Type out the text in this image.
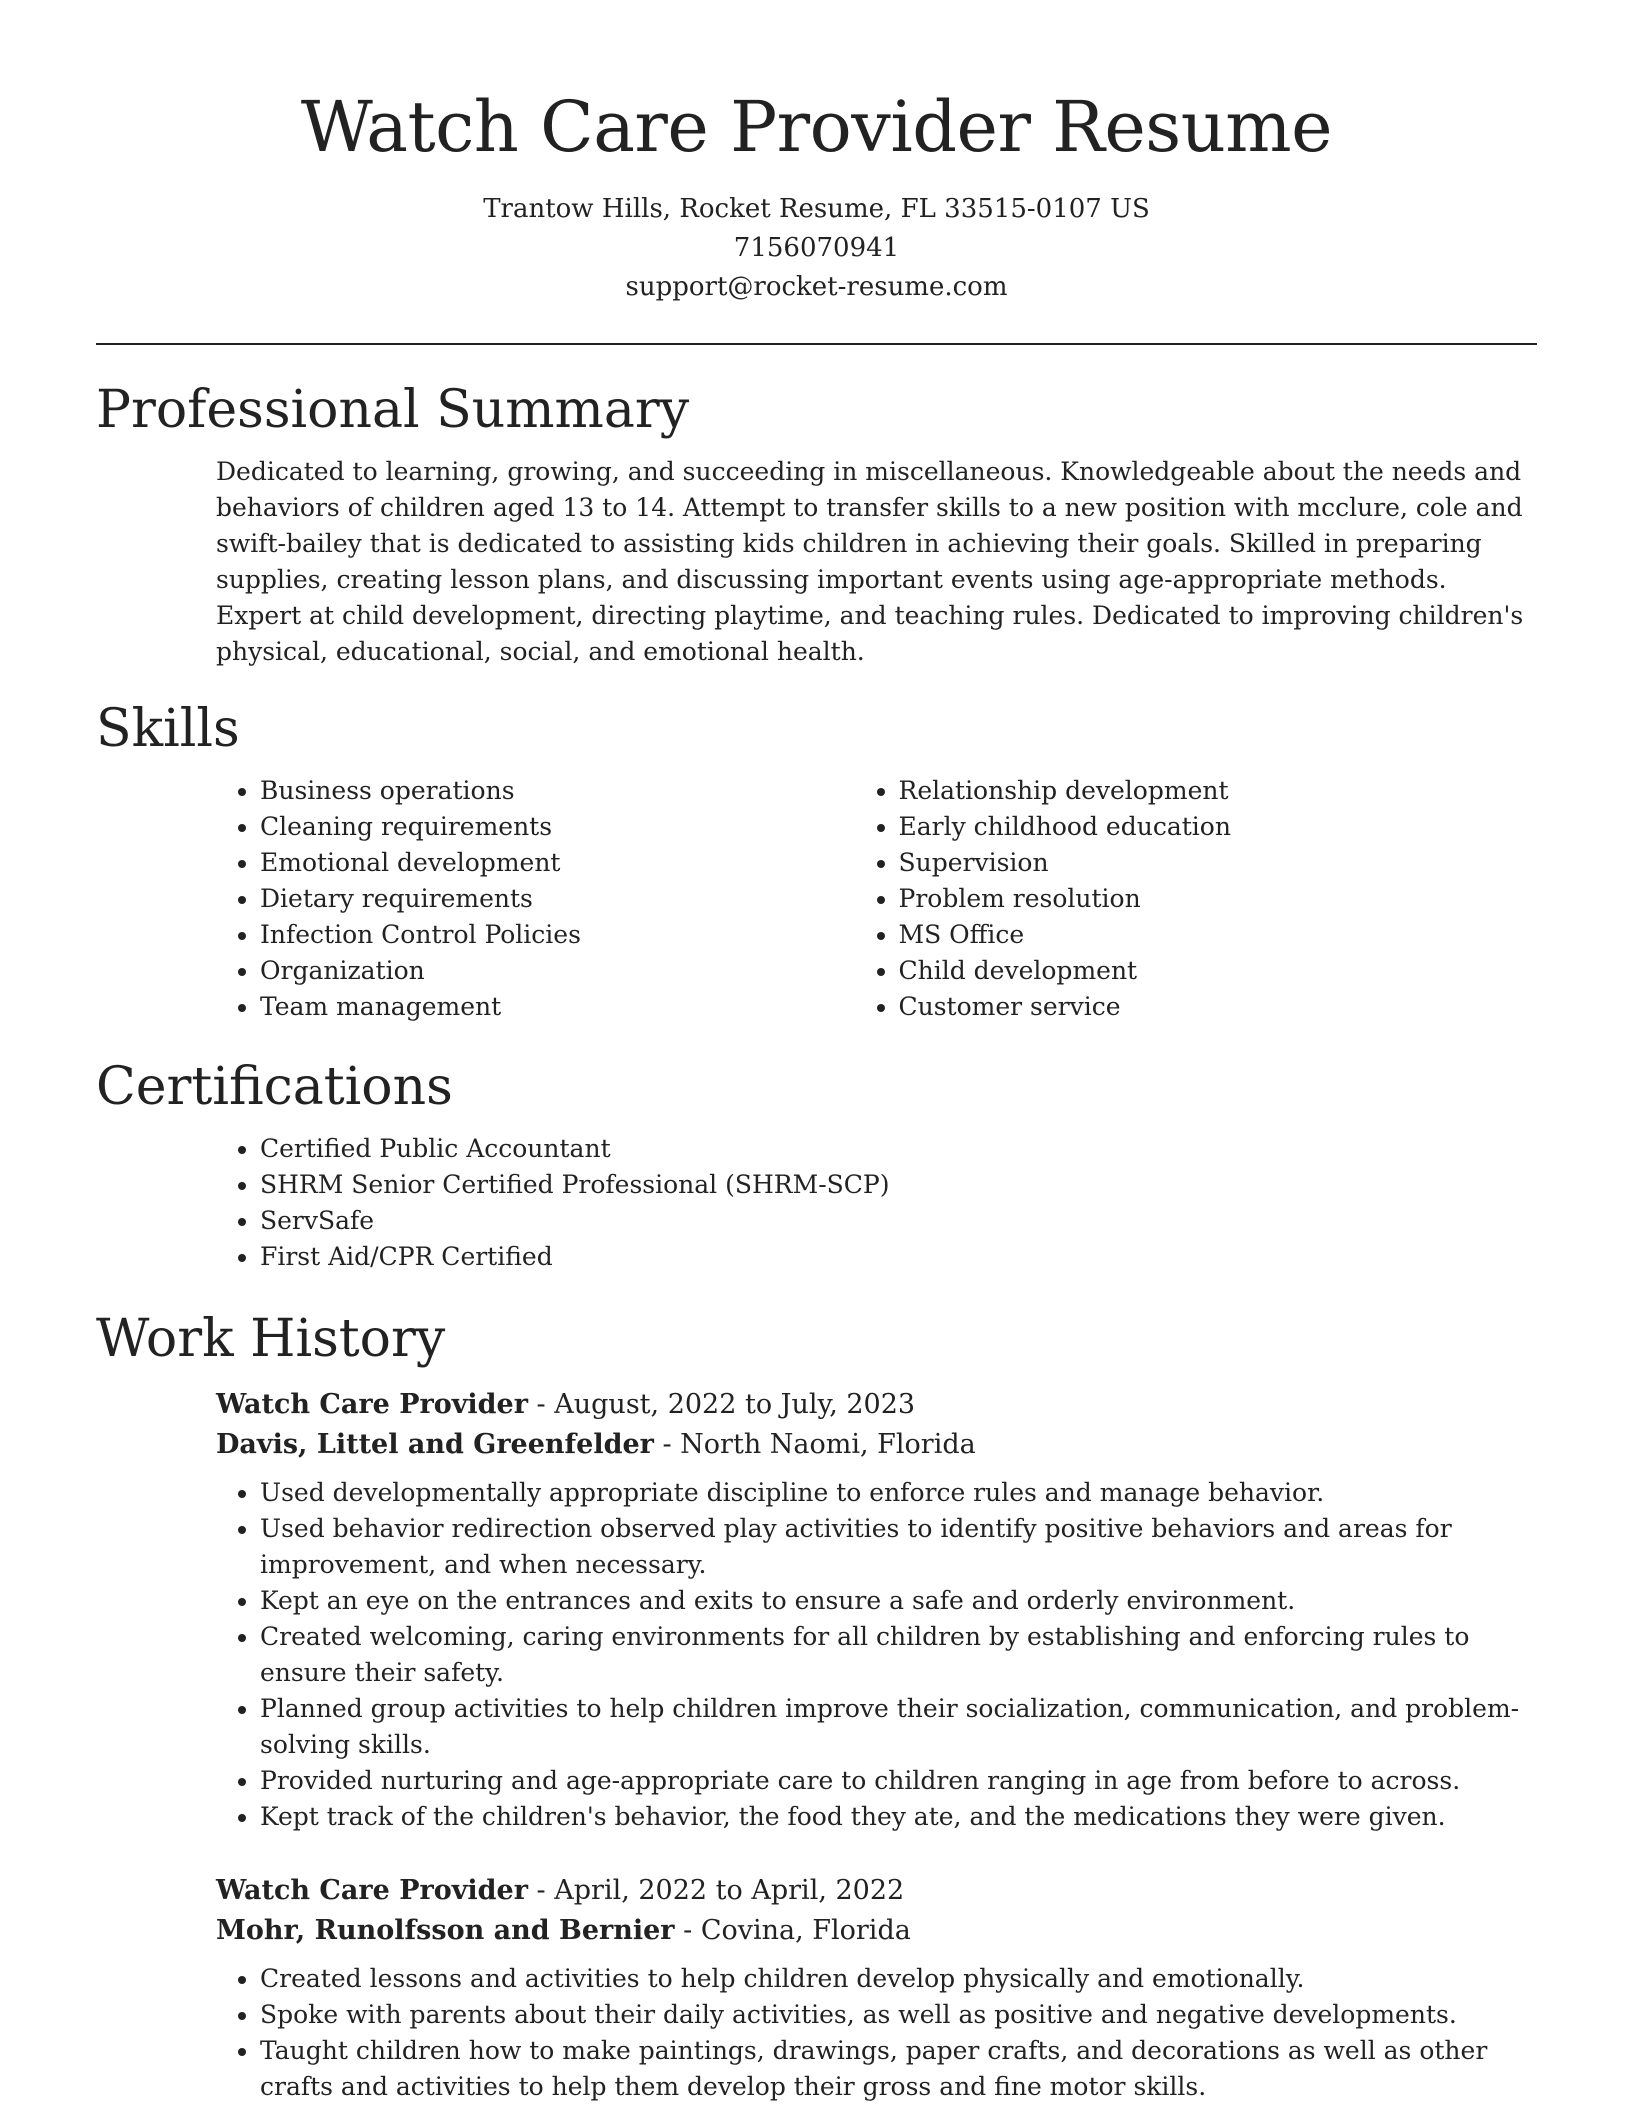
Watch Care Provider Resume
Trantow Hills, Rocket Resume, FL 33515-0107 US
7156070941
support@rocket-resume.com
Professional Summary

Dedicated to learning, growing, and succeeding in miscellaneous. Knowledgeable about the needs and behaviors of children aged 13 to 14. Attempt to transfer skills to a new position with mcclure, cole and swift-bailey that is dedicated to assisting kids children in achieving their goals. Skilled in preparing supplies, creating lesson plans, and discussing important events using age-appropriate methods. Expert at child development, directing playtime, and teaching rules. Dedicated to improving children's physical, educational, social, and emotional health.

Skills
• Business operations
• Cleaning requirements
• Emotional development
• Dietary requirements
• Infection Control Policies
• Organization
• Team management
• Relationship development
• Early childhood education
• Supervision
• Problem resolution
• MS Office
• Child development
• Customer service
Certifications
• Certified Public Accountant
• SHRM Senior Certified Professional (SHRM-SCP)
• ServSafe
• First Aid/CPR Certified
Work History
Watch Care Provider - August, 2022 to July, 2023
Davis, Littel and Greenfelder - North Naomi, Florida
• Used developmentally appropriate discipline to enforce rules and manage behavior.
• Used behavior redirection observed play activities to identify positive behaviors and areas for improvement, and when necessary.
• Kept an eye on the entrances and exits to ensure a safe and orderly environment.
• Created welcoming, caring environments for all children by establishing and enforcing rules to ensure their safety.
• Planned group activities to help children improve their socialization, communication, and problem-solving skills.
• Provided nurturing and age-appropriate care to children ranging in age from before to across.
• Kept track of the children's behavior, the food they ate, and the medications they were given.
Watch Care Provider - April, 2022 to April, 2022
Mohr, Runolfsson and Bernier - Covina, Florida
• Created lessons and activities to help children develop physically and emotionally.
• Spoke with parents about their daily activities, as well as positive and negative developments.
• Taught children how to make paintings, drawings, paper crafts, and decorations as well as other crafts and activities to help them develop their gross and fine motor skills.
